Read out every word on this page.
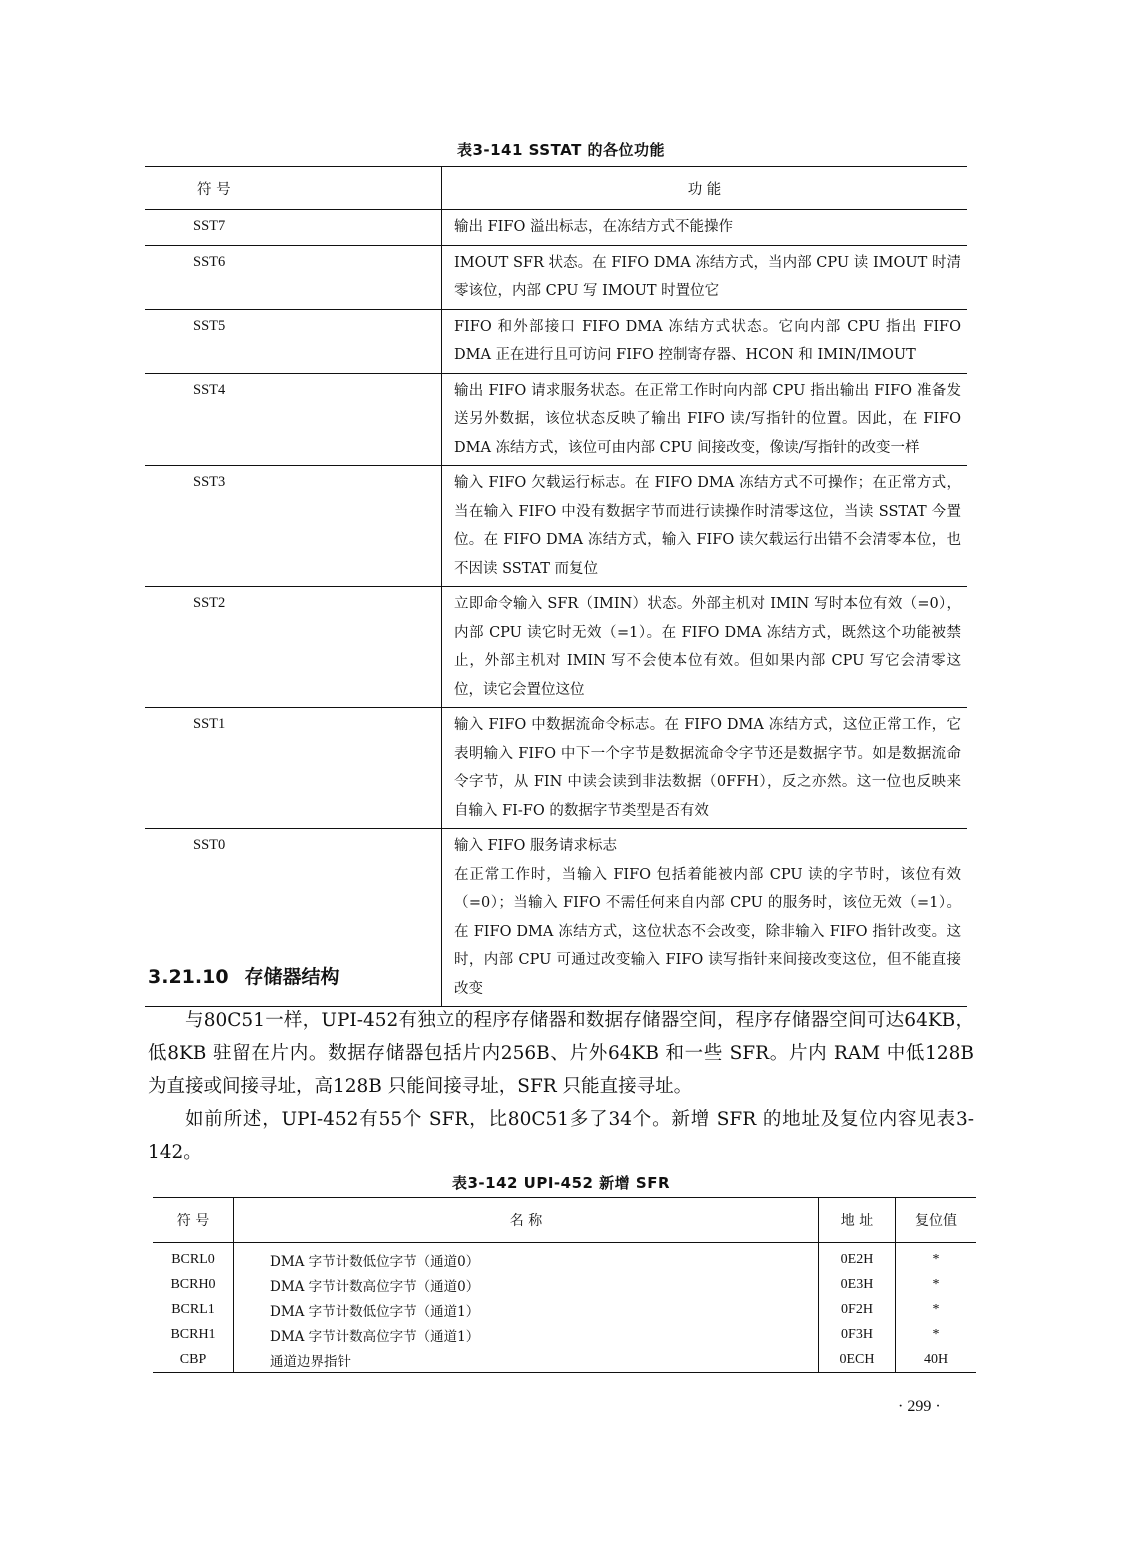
表3-141 SSTAT 的各位功能
符 号	功 能
SST7	输出 FIFO 溢出标志，在冻结方式不能操作
SST6	IMOUT SFR 状态。在 FIFO DMA 冻结方式，当内部 CPU 读 IMOUT 时清零该位，内部 CPU 写 IMOUT 时置位它
SST5	FIFO 和外部接口 FIFO DMA 冻结方式状态。它向内部 CPU 指出 FIFO DMA 正在进行且可访问 FIFO 控制寄存器、HCON 和 IMIN/IMOUT
SST4	输出 FIFO 请求服务状态。在正常工作时向内部 CPU 指出输出 FIFO 准备发送另外数据，该位状态反映了输出 FIFO 读/写指针的位置。因此，在 FIFO DMA 冻结方式，该位可由内部 CPU 间接改变，像读/写指针的改变一样
SST3	输入 FIFO 欠载运行标志。在 FIFO DMA 冻结方式不可操作；在正常方式，当在输入 FIFO 中没有数据字节而进行读操作时清零这位，当读 SSTAT 今置位。在 FIFO DMA 冻结方式，输入 FIFO 读欠载运行出错不会清零本位，也不因读 SSTAT 而复位
SST2	立即命令输入 SFR（IMIN）状态。外部主机对 IMIN 写时本位有效（=0），内部 CPU 读它时无效（=1）。在 FIFO DMA 冻结方式，既然这个功能被禁止，外部主机对 IMIN 写不会使本位有效。但如果内部 CPU 写它会清零这位，读它会置位这位
SST1	输入 FIFO 中数据流命令标志。在 FIFO DMA 冻结方式，这位正常工作，它表明输入 FIFO 中下一个字节是数据流命令字节还是数据字节。如是数据流命令字节，从 FIN 中读会读到非法数据（0FFH），反之亦然。这一位也反映来自输入 FI-FO 的数据字节类型是否有效
SST0	输入 FIFO 服务请求标志
在正常工作时，当输入 FIFO 包括着能被内部 CPU 读的字节时，该位有效（=0）；当输入 FIFO 不需任何来自内部 CPU 的服务时，该位无效（=1）。在 FIFO DMA 冻结方式，这位状态不会改变，除非输入 FIFO 指针改变。这时，内部 CPU 可通过改变输入 FIFO 读写指针来间接改变这位，但不能直接改变
3.21.10 存储器结构

与80C51一样，UPI-452有独立的程序存储器和数据存储器空间，程序存储器空间可达64KB，低8KB 驻留在片内。数据存储器包括片内256B、片外64KB 和一些 SFR。片内 RAM 中低128B 为直接或间接寻址，高128B 只能间接寻址，SFR 只能直接寻址。

如前所述，UPI-452有55个 SFR，比80C51多了34个。新增 SFR 的地址及复位内容见表3-142。

表3-142 UPI-452 新增 SFR
符 号	名 称	地 址	复位值
BCRL0	DMA 字节计数低位字节（通道0）	0E2H	*
BCRH0	DMA 字节计数高位字节（通道0）	0E3H	*
BCRL1	DMA 字节计数低位字节（通道1）	0F2H	*
BCRH1	DMA 字节计数高位字节（通道1）	0F3H	*
CBP	通道边界指针	0ECH	40H
· 299 ·
